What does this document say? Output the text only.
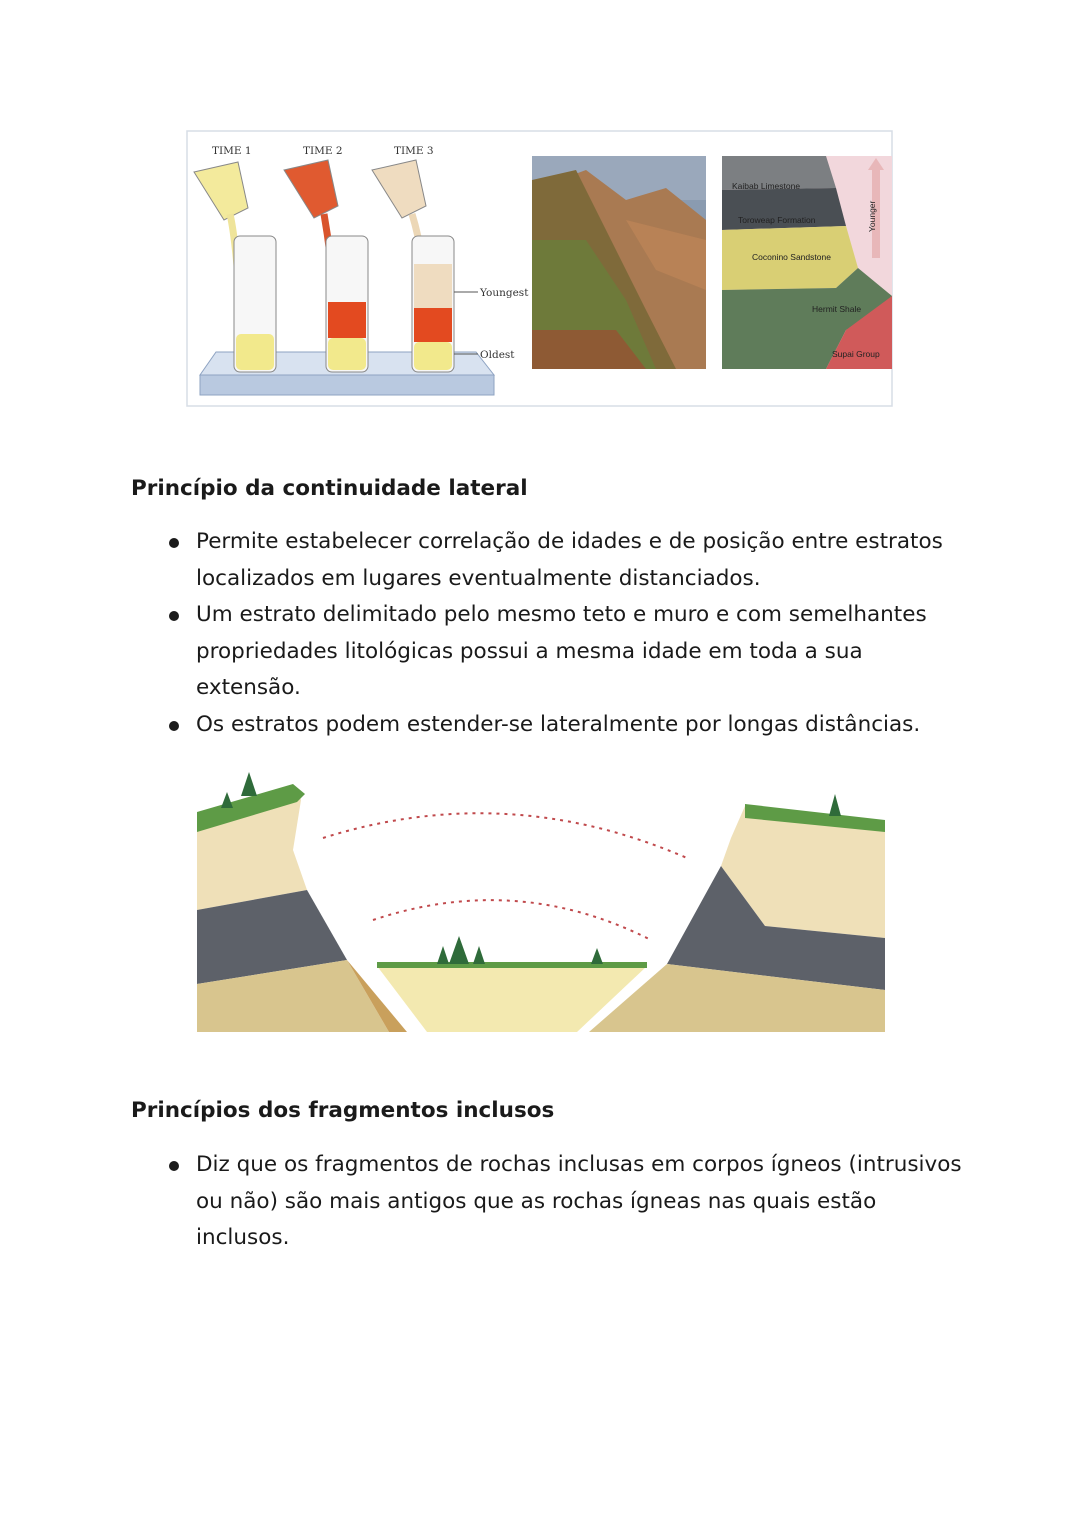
TIME 1	TIME 2	TIME 3
Youngest
Oldest
Kaibab Limestone
Toroweap Formation
Coconino Sandstone
Hermit Shale
Supai Group
Younger
Princípio da continuidade lateral
Permite estabelecer correlação de idades e de posição entre estratos localizados em lugares eventualmente distanciados.
Um estrato delimitado pelo mesmo teto e muro e com semelhantes propriedades litológicas possui a mesma idade em toda a sua extensão.
Os estratos podem estender-se lateralmente por longas distâncias.
Princípios dos fragmentos inclusos
Diz que os fragmentos de rochas inclusas em corpos ígneos (intrusivos ou não) são mais antigos que as rochas ígneas nas quais estão inclusos.
